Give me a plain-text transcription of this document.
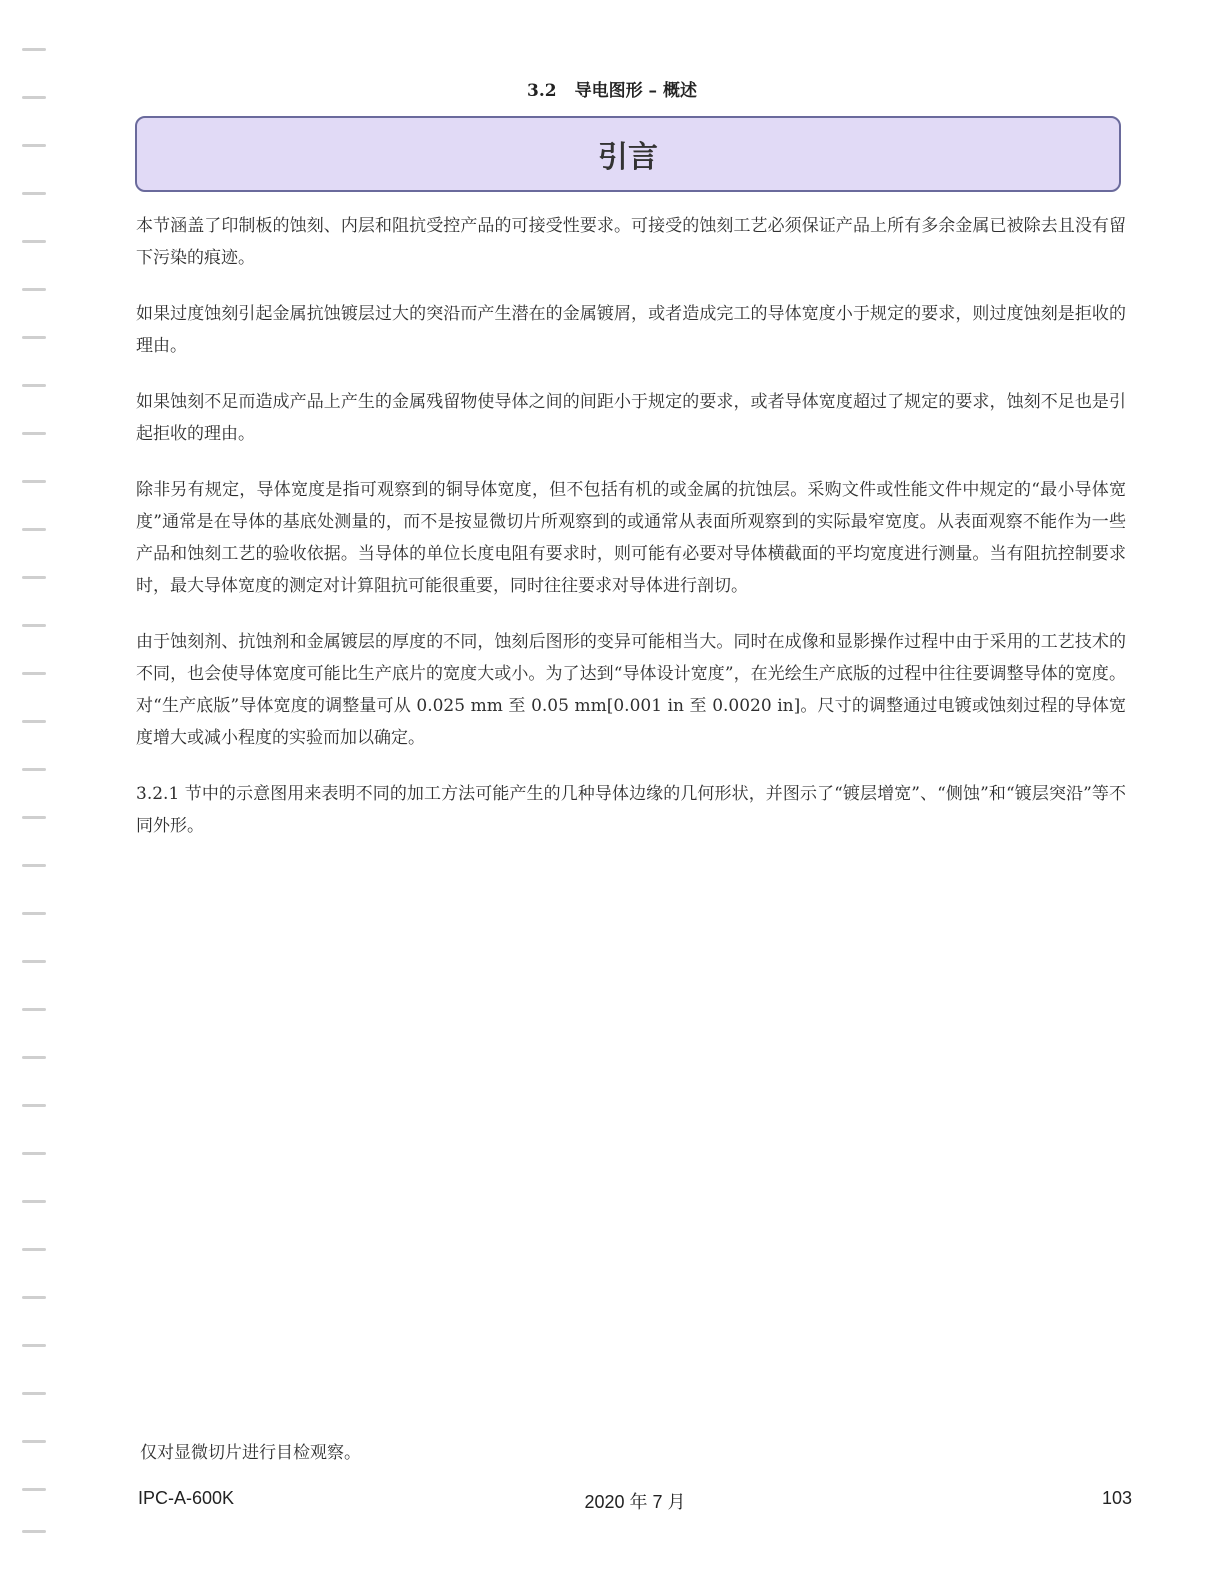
3.2 导电图形 – 概述
引言

本节涵盖了印制板的蚀刻、内层和阻抗受控产品的可接受性要求。可接受的蚀刻工艺必须保证产品上所有多余金属已被除去且没有留下污染的痕迹。

如果过度蚀刻引起金属抗蚀镀层过大的突沿而产生潜在的金属镀屑，或者造成完工的导体宽度小于规定的要求，则过度蚀刻是拒收的理由。

如果蚀刻不足而造成产品上产生的金属残留物使导体之间的间距小于规定的要求，或者导体宽度超过了规定的要求，蚀刻不足也是引起拒收的理由。

除非另有规定，导体宽度是指可观察到的铜导体宽度，但不包括有机的或金属的抗蚀层。采购文件或性能文件中规定的“最小导体宽度”通常是在导体的基底处测量的，而不是按显微切片所观察到的或通常从表面所观察到的实际最窄宽度。从表面观察不能作为一些产品和蚀刻工艺的验收依据。当导体的单位长度电阻有要求时，则可能有必要对导体横截面的平均宽度进行测量。当有阻抗控制要求时，最大导体宽度的测定对计算阻抗可能很重要，同时往往要求对导体进行剖切。

由于蚀刻剂、抗蚀剂和金属镀层的厚度的不同，蚀刻后图形的变异可能相当大。同时在成像和显影操作过程中由于采用的工艺技术的不同，也会使导体宽度可能比生产底片的宽度大或小。为了达到“导体设计宽度”，在光绘生产底版的过程中往往要调整导体的宽度。对“生产底版”导体宽度的调整量可从 0.025 mm 至 0.05 mm[0.001 in 至 0.0020 in]。尺寸的调整通过电镀或蚀刻过程的导体宽度增大或减小程度的实验而加以确定。

3.2.1 节中的示意图用来表明不同的加工方法可能产生的几种导体边缘的几何形状，并图示了“镀层增宽”、“侧蚀”和“镀层突沿”等不同外形。

仅对显微切片进行目检观察。
IPC-A-600K	2020 年 7 月	103
